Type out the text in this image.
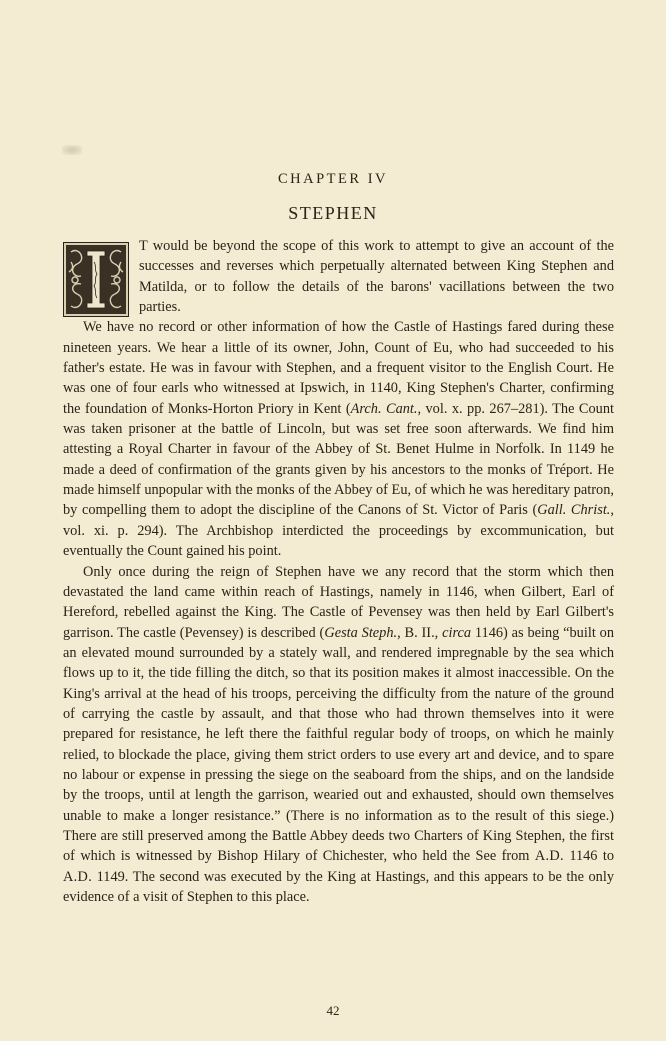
CHAPTER IV
STEPHEN

T would be beyond the scope of this work to attempt to give an account of the successes and reverses which perpetually alternated between King Stephen and Matilda, or to follow the details of the barons' vacillations between the two parties.

We have no record or other information of how the Castle of Hastings fared during these nineteen years. We hear a little of its owner, John, Count of Eu, who had succeeded to his father's estate. He was in favour with Stephen, and a frequent visitor to the English Court. He was one of four earls who witnessed at Ipswich, in 1140, King Stephen's Charter, confirming the foundation of Monks-Horton Priory in Kent (Arch. Cant., vol. x. pp. 267–281). The Count was taken prisoner at the battle of Lincoln, but was set free soon afterwards. We find him attesting a Royal Charter in favour of the Abbey of St. Benet Hulme in Norfolk. In 1149 he made a deed of confirmation of the grants given by his ancestors to the monks of Tréport. He made himself unpopular with the monks of the Abbey of Eu, of which he was hereditary patron, by compelling them to adopt the discipline of the Canons of St. Victor of Paris (Gall. Christ., vol. xi. p. 294). The Archbishop interdicted the proceedings by excommunication, but eventually the Count gained his point.

Only once during the reign of Stephen have we any record that the storm which then devastated the land came within reach of Hastings, namely in 1146, when Gilbert, Earl of Hereford, rebelled against the King. The Castle of Pevensey was then held by Earl Gilbert's garrison. The castle (Pevensey) is described (Gesta Steph., B. II., circa 1146) as being “built on an elevated mound surrounded by a stately wall, and rendered impregnable by the sea which flows up to it, the tide filling the ditch, so that its position makes it almost inaccessible. On the King's arrival at the head of his troops, perceiving the difficulty from the nature of the ground of carrying the castle by assault, and that those who had thrown themselves into it were prepared for resistance, he left there the faithful regular body of troops, on which he mainly relied, to blockade the place, giving them strict orders to use every art and device, and to spare no labour or expense in pressing the siege on the seaboard from the ships, and on the landside by the troops, until at length the garrison, wearied out and exhausted, should own themselves unable to make a longer resistance.” (There is no information as to the result of this siege.) There are still preserved among the Battle Abbey deeds two Charters of King Stephen, the first of which is witnessed by Bishop Hilary of Chichester, who held the See from A.D. 1146 to A.D. 1149. The second was executed by the King at Hastings, and this appears to be the only evidence of a visit of Stephen to this place.

42
